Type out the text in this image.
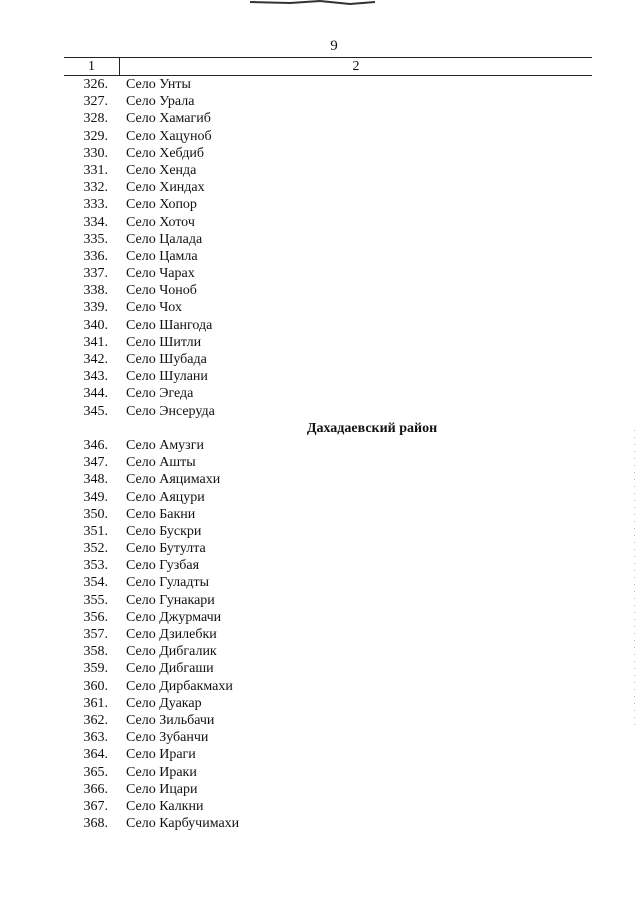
9
1	2
326.	Село Унты
327.	Село Урала
328.	Село Хамагиб
329.	Село Хацуноб
330.	Село Хебдиб
331.	Село Хенда
332.	Село Хиндах
333.	Село Хопор
334.	Село Хоточ
335.	Село Цалада
336.	Село Цамла
337.	Село Чарах
338.	Село Чоноб
339.	Село Чох
340.	Село Шангода
341.	Село Шитли
342.	Село Шубада
343.	Село Шулани
344.	Село Эгеда
345.	Село Энсеруда
Дахадаевский район
346.	Село Амузги
347.	Село Ашты
348.	Село Аяцимахи
349.	Село Аяцури
350.	Село Бакни
351.	Село Бускри
352.	Село Бутулта
353.	Село Гузбая
354.	Село Гуладты
355.	Село Гунакари
356.	Село Джурмачи
357.	Село Дзилебки
358.	Село Дибгалик
359.	Село Дибгаши
360.	Село Дирбакмахи
361.	Село Дуакар
362.	Село Зильбачи
363.	Село Зубанчи
364.	Село Ираги
365.	Село Ираки
366.	Село Ицари
367.	Село Калкни
368.	Село Карбучимахи
